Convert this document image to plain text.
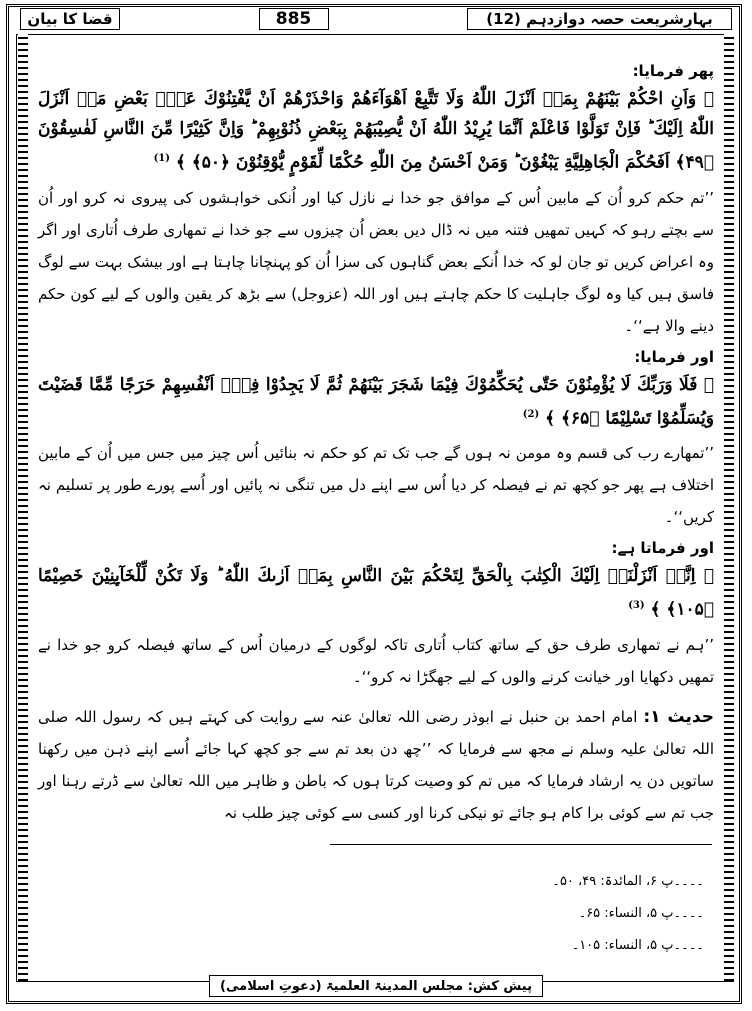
قضا کا بیان	885	بہارِشریعت حصہ دوازدہم (12)

پھر فرمایا:

﴿ وَاَنِ احْكُمْ بَيْنَهُمْ بِمَاۤ اَنْزَلَ اللّٰهُ وَلَا تَتَّبِعْ اَهْوَآءَهُمْ وَاحْذَرْهُمْ اَنْ يَّفْتِنُوْكَ عَنْۢ بَعْضِ مَاۤ اَنْزَلَ اللّٰهُ اِلَيْكَ ؕ فَاِنْ تَوَلَّوْا فَاعْلَمْ اَنَّمَا يُرِيْدُ اللّٰهُ اَنْ يُّصِيْبَهُمْ بِبَعْضِ ذُنُوْبِهِمْ ؕ وَاِنَّ كَثِيْرًا مِّنَ النَّاسِ لَفٰسِقُوْنَ ﴿۴۹﴾ اَفَحُكْمَ الْجَاهِلِيَّةِ يَبْغُوْنَ ؕ وَمَنْ اَحْسَنُ مِنَ اللّٰهِ حُكْمًا لِّقَوْمٍ يُّوْقِنُوْنَ ﴿۵۰﴾ ﴾ $^{(1)}$

’’تم حکم کرو اُن کے مابین اُس کے موافق جو خدا نے نازل کیا اور اُنکی خواہشوں کی پیروی نہ کرو اور اُن سے بچتے رہو کہ کہیں تمھیں فتنہ میں نہ ڈال دیں بعض اُن چیزوں سے جو خدا نے تمھاری طرف اُتاری اور اگر وہ اعراض کریں تو جان لو کہ خدا اُنکے بعض گناہوں کی سزا اُن کو پہنچانا چاہتا ہے اور بیشک بہت سے لوگ فاسق ہیں کیا وہ لوگ جاہلیت کا حکم چاہتے ہیں اور اللہ (عزوجل) سے بڑھ کر یقین والوں کے لیے کون حکم دینے والا ہے‘‘۔

اور فرمایا:

﴿ فَلَا وَرَبِّكَ لَا يُؤْمِنُوْنَ حَتّٰى يُحَكِّمُوْكَ فِيْمَا شَجَرَ بَيْنَهُمْ ثُمَّ لَا يَجِدُوْا فِيْۤ اَنْفُسِهِمْ حَرَجًا مِّمَّا قَضَيْتَ وَيُسَلِّمُوْا تَسْلِيْمًا ﴿۶۵﴾ ﴾ $^{(2)}$

’’تمھارے رب کی قسم وہ مومن نہ ہوں گے جب تک تم کو حکم نہ بنائیں اُس چیز میں جس میں اُن کے مابین اختلاف ہے پھر جو کچھ تم نے فیصلہ کر دیا اُس سے اپنے دل میں تنگی نہ پائیں اور اُسے پورے طور پر تسلیم نہ کریں‘‘۔

اور فرماتا ہے:

﴿ اِنَّاۤ اَنْزَلْنَاۤ اِلَيْكَ الْكِتٰبَ بِالْحَقِّ لِتَحْكُمَ بَيْنَ النَّاسِ بِمَاۤ اَرٰىكَ اللّٰهُ ؕ وَلَا تَكُنْ لِّلْخَآىِٕنِيْنَ خَصِيْمًا ﴿۱۰۵﴾ ﴾ $^{(3)}$

’’ہم نے تمھاری طرف حق کے ساتھ کتاب اُتاری تاکہ لوگوں کے درمیان اُس کے ساتھ فیصلہ کرو جو خدا نے تمھیں دکھایا اور خیانت کرنے والوں کے لیے جھگڑا نہ کرو‘‘۔

حدیث ۱: امام احمد بن حنبل نے ابوذر رضی اللہ تعالیٰ عنہ سے روایت کی کہتے ہیں کہ رسول اللہ صلی اللہ تعالیٰ علیہ وسلم نے مجھ سے فرمایا کہ ’’چھ دن بعد تم سے جو کچھ کہا جائے اُسے اپنے ذہن میں رکھنا ساتویں دن یہ ارشاد فرمایا کہ میں تم کو وصیت کرتا ہوں کہ باطن و ظاہر میں اللہ تعالیٰ سے ڈرتے رہنا اور جب تم سے کوئی برا کام ہو جائے تو نیکی کرنا اور کسی سے کوئی چیز طلب نہ

۔۔۔۔پ ۶، المائدۃ: ۴۹، ۵۰۔
۔۔۔۔پ ۵، النساء: ۶۵۔
۔۔۔۔پ ۵، النساء: ۱۰۵۔
پیش کش: مجلس المدینۃ العلمیۃ (دعوتِ اسلامی)
